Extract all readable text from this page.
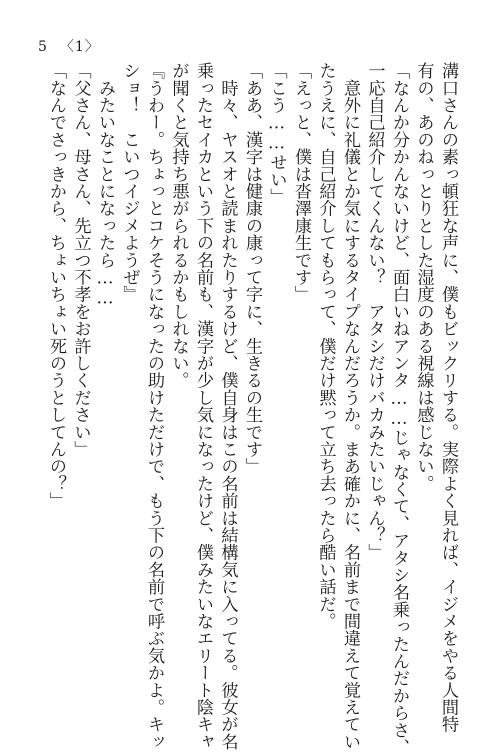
5 〈1〉

溝口さんの素っ頓狂な声に、僕もビックリする。実際よく見れば、イジメをやる人間特

有の、あのねっとりとした湿度のある視線は感じない。

「なんか分かんないけど、面白いねアンタ……じゃなくて、アタシ名乗ったんだからさ、

一応自己紹介してくんない？　アタシだけバカみたいじゃん？」

　意外に礼儀とか気にするタイプなんだろうか。まあ確かに、名前まで間違えて覚えてい

たうえに、自己紹介してもらって、僕だけ黙って立ち去ったら酷い話だ。

「えっと、僕は沓澤康生です」

「こう……せい」

「ああ、漢字は健康の康って字に、生きるの生です」

　時々、ヤスオと読まれたりするけど、僕自身はこの名前は結構気に入ってる。彼女が名

乗ったセイカという下の名前も、漢字が少し気になったけど、僕みたいなエリート陰キャ

が聞くと気持ち悪がられるかもしれない。

『うわー。ちょっとコケそうになったの助けただけで、もう下の名前で呼ぶ気かよ。キッ

ショ！　こいつイジメようぜ』

　みたいなことになったら……

「父さん、母さん、先立つ不孝をお許しください」

「なんでさっきから、ちょいちょい死のうとしてんの？」
